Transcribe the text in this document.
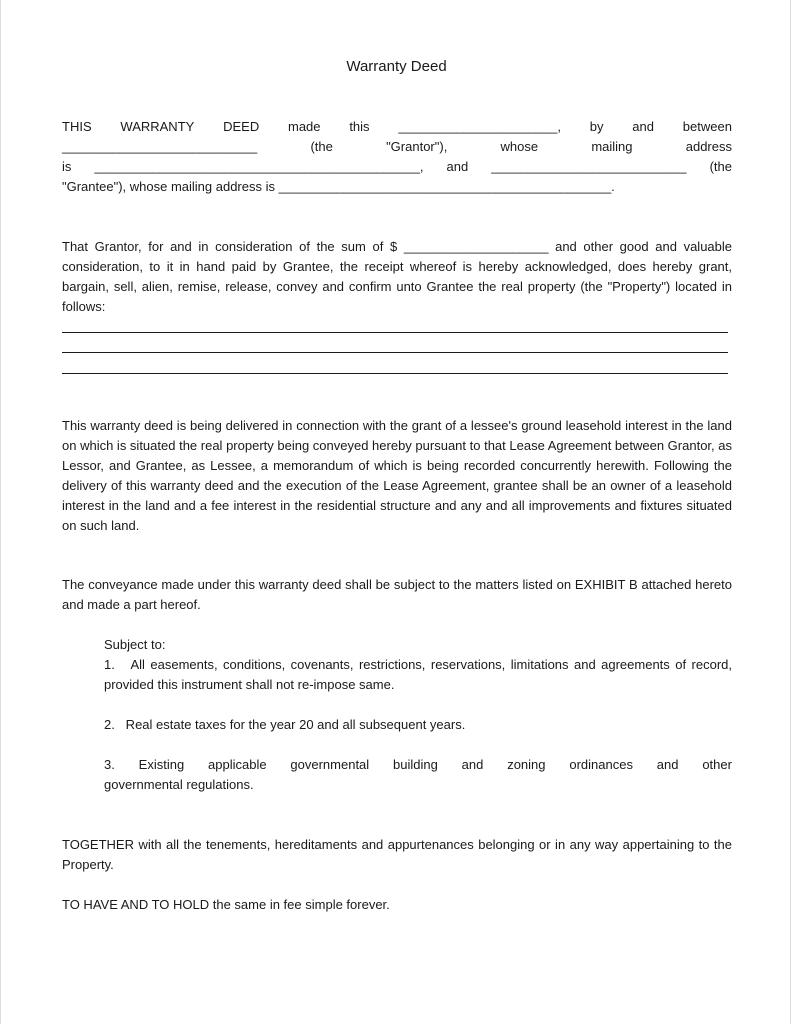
Warranty Deed
THIS WARRANTY DEED made this ______________________, by and between
___________________________	(the	"Grantor"),	whose	mailing	address
is _____________________________________________, and ___________________________ (the
"Grantee"), whose mailing address is ______________________________________________.
That Grantor, for and in consideration of the sum of $ ____________________ and other good and valuable consideration, to it in hand paid by Grantee, the receipt whereof is hereby acknowledged, does hereby grant, bargain, sell, alien, remise, release, convey and confirm unto Grantee the real property (the "Property") located in follows:
This warranty deed is being delivered in connection with the grant of a lessee's ground leasehold interest in the land on which is situated the real property being conveyed hereby pursuant to that Lease Agreement between Grantor, as Lessor, and Grantee, as Lessee, a memorandum of which is being recorded concurrently herewith. Following the delivery of this warranty deed and the execution of the Lease Agreement, grantee shall be an owner of a leasehold interest in the land and a fee interest in the residential structure and any and all improvements and fixtures situated on such land.
The conveyance made under this warranty deed shall be subject to the matters listed on EXHIBIT B attached hereto and made a part hereof.
Subject to:
1.   All easements, conditions, covenants, restrictions, reservations, limitations and agreements of record, provided this instrument shall not re-impose same.
2.   Real estate taxes for the year 20 and all subsequent years.
3. Existing applicable governmental building and zoning ordinances and other
governmental regulations.
TOGETHER with all the tenements, hereditaments and appurtenances belonging or in any way appertaining to the Property.
TO HAVE AND TO HOLD the same in fee simple forever.
